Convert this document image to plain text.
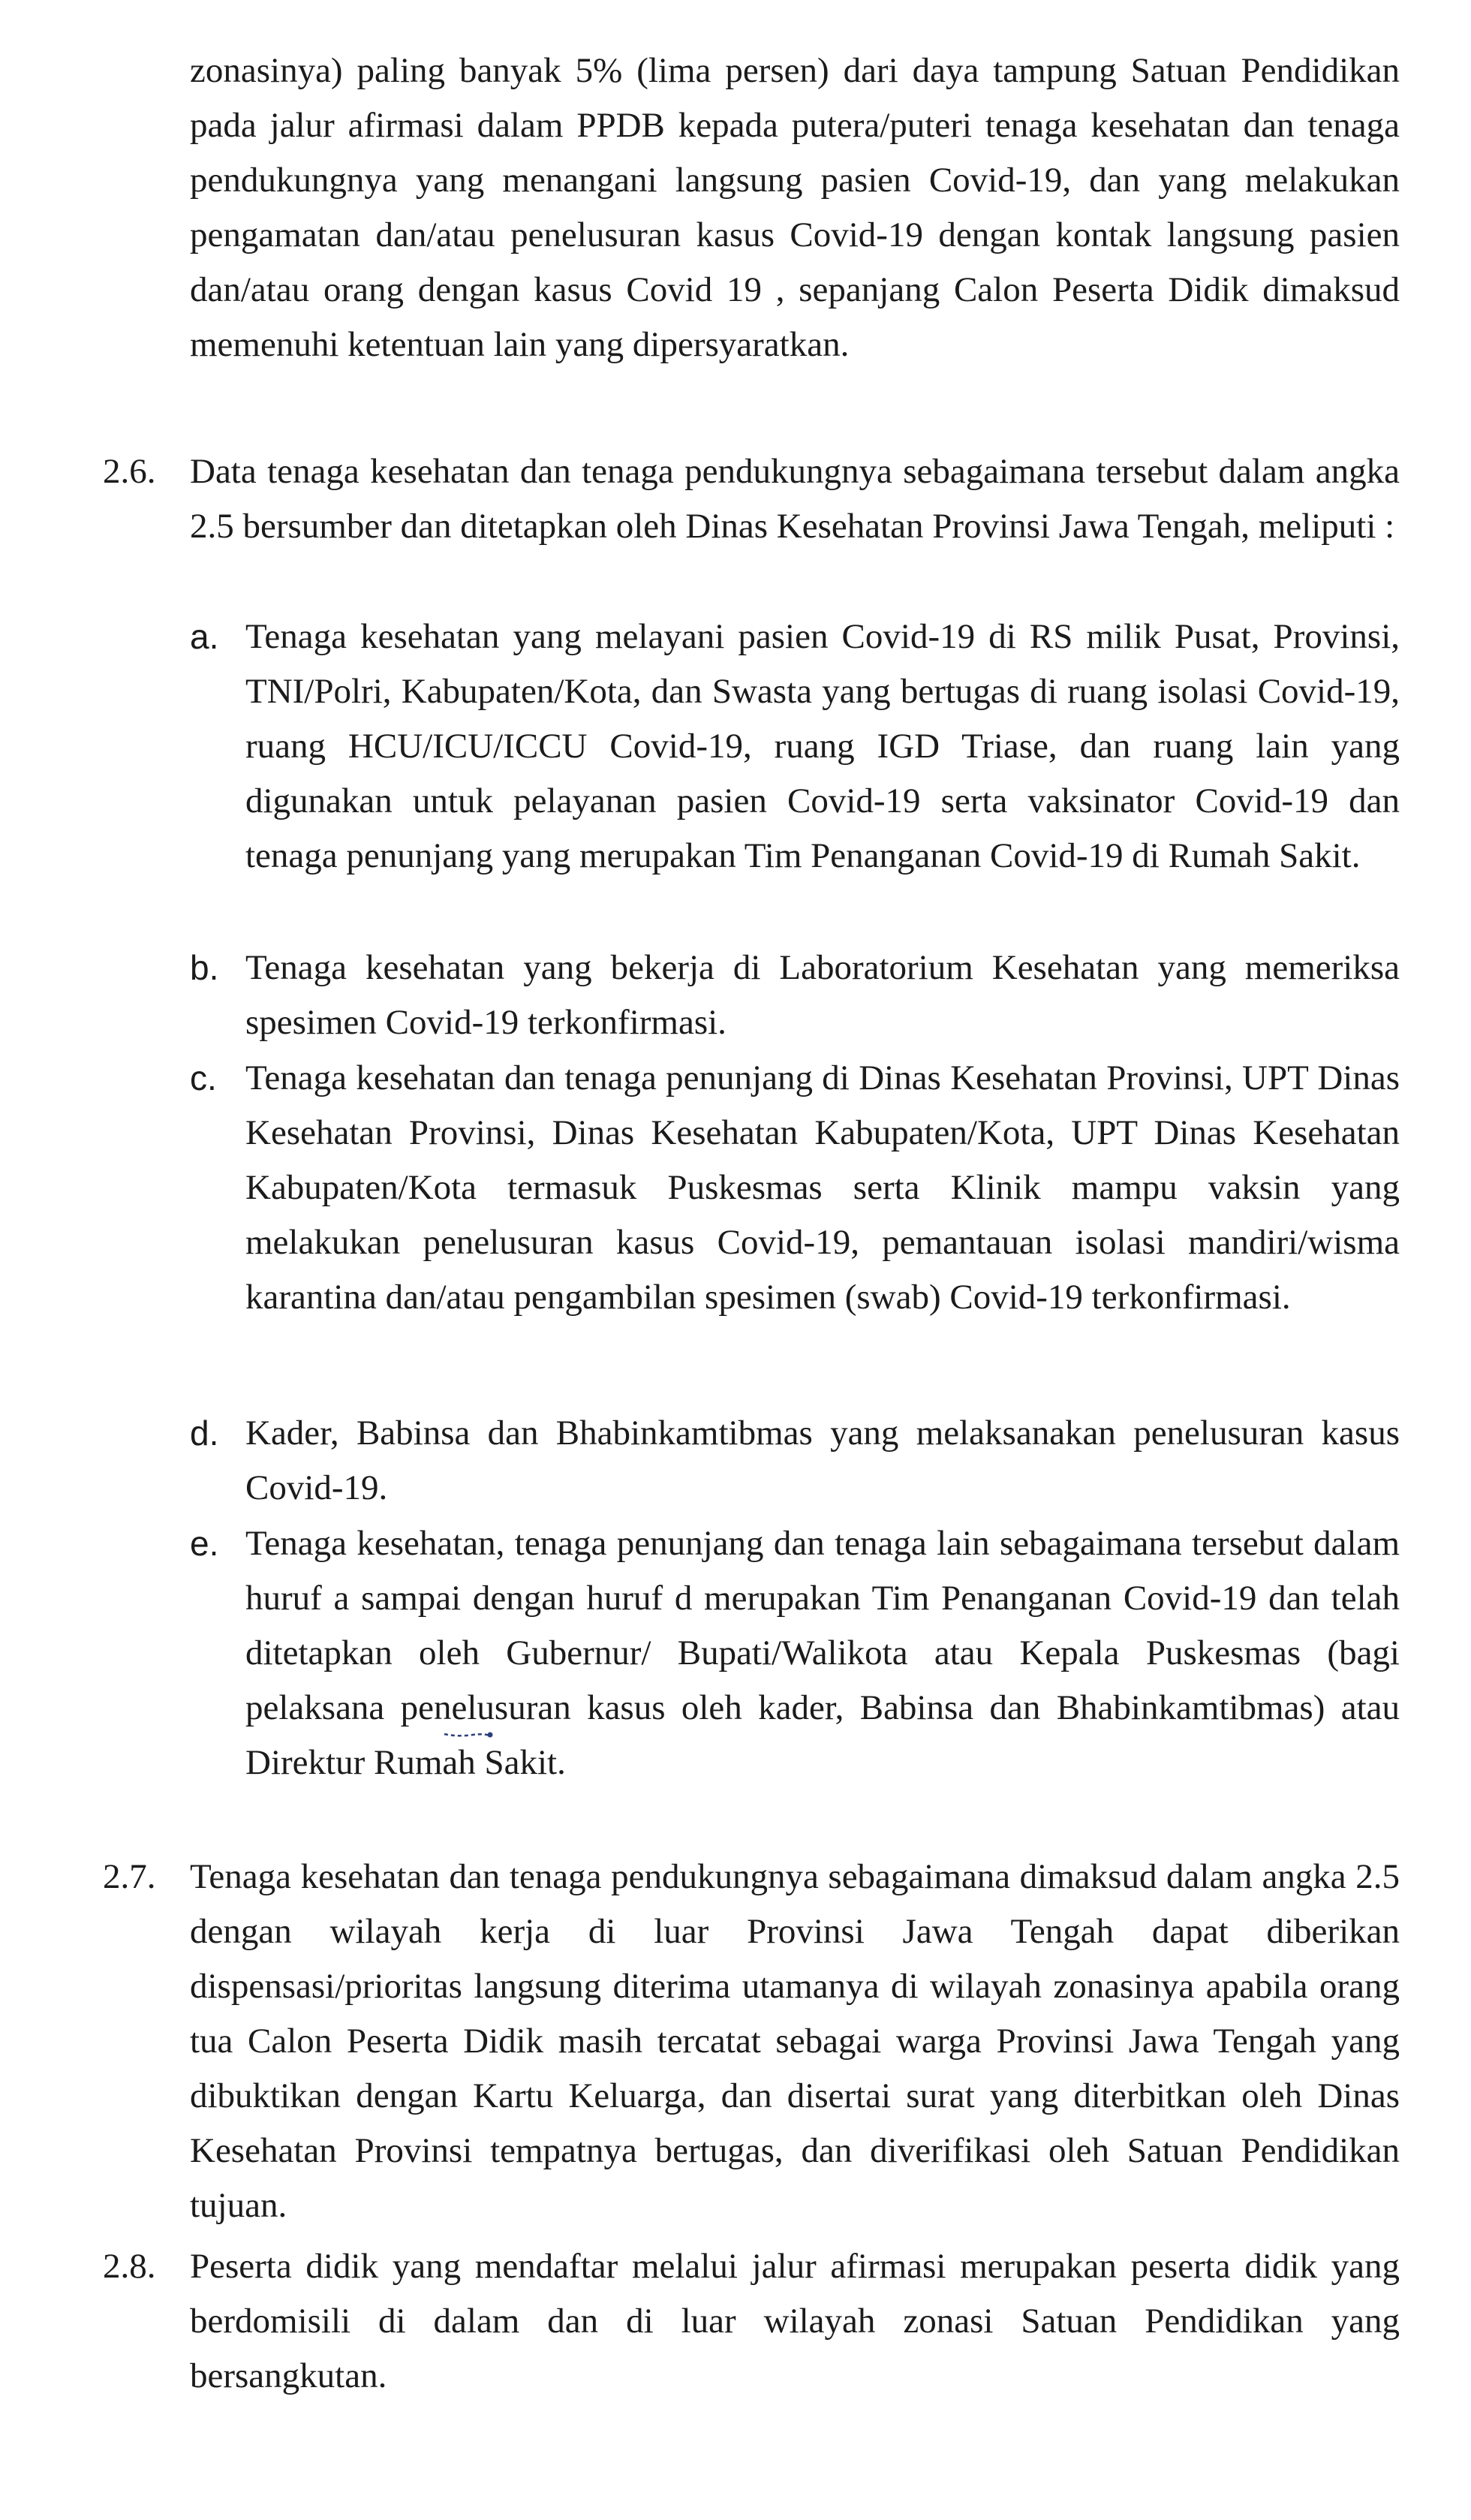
zonasinya) paling banyak 5% (lima persen) dari daya tampung Satuan Pendidikan pada jalur afirmasi dalam PPDB kepada putera/puteri tenaga kesehatan dan tenaga pendukungnya yang menangani langsung pasien Covid-19, dan yang melakukan pengamatan dan/atau penelusuran kasus Covid-19 dengan kontak langsung pasien dan/atau orang dengan kasus Covid 19 , sepanjang Calon Peserta Didik dimaksud memenuhi ketentuan lain yang dipersyaratkan.
2.6. Data tenaga kesehatan dan tenaga pendukungnya sebagaimana tersebut dalam angka 2.5 bersumber dan ditetapkan oleh Dinas Kesehatan Provinsi Jawa Tengah, meliputi :
a. Tenaga kesehatan yang melayani pasien Covid-19 di RS milik Pusat, Provinsi, TNI/Polri, Kabupaten/Kota, dan Swasta yang bertugas di ruang isolasi Covid-19, ruang HCU/ICU/ICCU Covid-19, ruang IGD Triase, dan ruang lain yang digunakan untuk pelayanan pasien Covid-19 serta vaksinator Covid-19 dan tenaga penunjang yang merupakan Tim Penanganan Covid-19 di Rumah Sakit.
b. Tenaga kesehatan yang bekerja di Laboratorium Kesehatan yang memeriksa spesimen Covid-19 terkonfirmasi.
c. Tenaga kesehatan dan tenaga penunjang di Dinas Kesehatan Provinsi, UPT Dinas Kesehatan Provinsi, Dinas Kesehatan Kabupaten/Kota, UPT Dinas Kesehatan Kabupaten/Kota termasuk Puskesmas serta Klinik mampu vaksin yang melakukan penelusuran kasus Covid-19, pemantauan isolasi mandiri/wisma karantina dan/atau pengambilan spesimen (swab) Covid-19 terkonfirmasi.
d. Kader, Babinsa dan Bhabinkamtibmas yang melaksanakan penelusuran kasus Covid-19.
e. Tenaga kesehatan, tenaga penunjang dan tenaga lain sebagaimana tersebut dalam huruf a sampai dengan huruf d merupakan Tim Penanganan Covid-19 dan telah ditetapkan oleh Gubernur/ Bupati/Walikota atau Kepala Puskesmas (bagi pelaksana penelusuran kasus oleh kader, Babinsa dan Bhabinkamtibmas) atau Direktur Rumah Sakit.
2.7. Tenaga kesehatan dan tenaga pendukungnya sebagaimana dimaksud dalam angka 2.5 dengan wilayah kerja di luar Provinsi Jawa Tengah dapat diberikan dispensasi/prioritas langsung diterima utamanya di wilayah zonasinya apabila orang tua Calon Peserta Didik masih tercatat sebagai warga Provinsi Jawa Tengah yang dibuktikan dengan Kartu Keluarga, dan disertai surat yang diterbitkan oleh Dinas Kesehatan Provinsi tempatnya bertugas, dan diverifikasi oleh Satuan Pendidikan tujuan.
2.8. Peserta didik yang mendaftar melalui jalur afirmasi merupakan peserta didik yang berdomisili di dalam dan di luar wilayah zonasi Satuan Pendidikan yang bersangkutan.
